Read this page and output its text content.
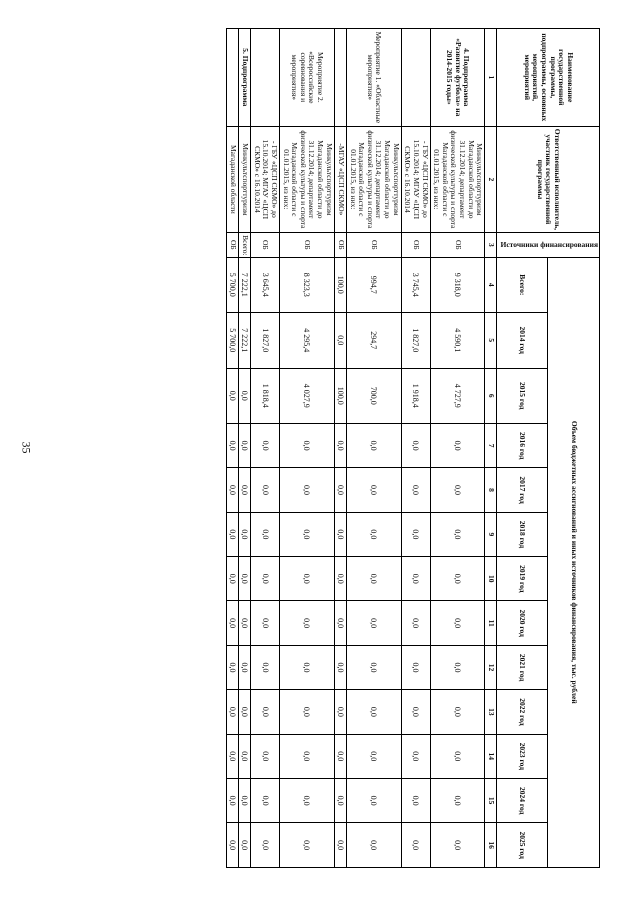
35
Наименование государственной программы, подпрограммы, основных мероприятий, мероприятий	Ответственный исполнитель, участник государственной программы	Источники финансирования	Объем бюджетных ассигнований и иных источников финансирования, тыс. рублей												
			Всего:	2014 год	2015 год	2016 год	2017 год	2018 год	2019 год	2020 год	2021 год	2022 год	2023 год	2024 год	2025 год
1	2	3	4	5	6	7	8	9	10	11	12	13	14	15	16
4. Подпрограмма «Развитие футбола» на 2014-2015 годы»	Минкультспорттуризм Магаданской области до 31.12.2014; департамент физической культуры и спорта Магаданской области с 01.01.2015, из них:	ОБ	9 318,0	4 590,1	4 727,9	0,0	0,0	0,0	0,0	0,0	0,0	0,0	0,0	0,0	0,0
	- ГБУ «ЦСП СКМО» до 15.10.2014; МГАУ «ЦСП СКМО» с 16.10.2014	ОБ	3 745,4	1 827,0	1 918,4	0,0	0,0	0,0	0,0	0,0	0,0	0,0	0,0	0,0	0,0
Мероприятие 1. «Областные мероприятия»	Минкультспорттуризм Магаданской области до 31.12.2014; департамент физической культуры и спорта Магаданской области с 01.01.2015, из них:	ОБ	994,7	294,7	700,0	0,0	0,0	0,0	0,0	0,0	0,0	0,0	0,0	0,0	0,0
	-МГАУ «ЦСП СКМО»	ОБ	100,0	0,0	100,0	0,0	0,0	0,0	0,0	0,0	0,0	0,0	0,0	0,0	0,0
Мероприятие 2. «Всероссийские соревнования и мероприятия»	Минкультспорттуризм Магаданской области до 31.12.2014; департамент физической культуры и спорта Магаданской области с 01.01.2015, из них:	ОБ	8 323,3	4 295,4	4 027,9	0,0	0,0	0,0	0,0	0,0	0,0	0,0	0,0	0,0	0,0
	- ГБУ «ЦСП СКМО» до 15.10.2014; МГАУ «ЦСП СКМО» с 16.10.2014	ОБ	3 645,4	1 827,0	1 818,4	0,0	0,0	0,0	0,0	0,0	0,0	0,0	0,0	0,0	0,0
5. Подпрограмма	Минкультспорттуризм	Всего:	7 222,1	7 222,1	0,0	0,0	0,0	0,0	0,0	0,0	0,0	0,0	0,0	0,0	0,0
	Магаданской области	ОБ	5 700,0	5 700,0	0,0	0,0	0,0	0,0	0,0	0,0	0,0	0,0	0,0	0,0	0,0
